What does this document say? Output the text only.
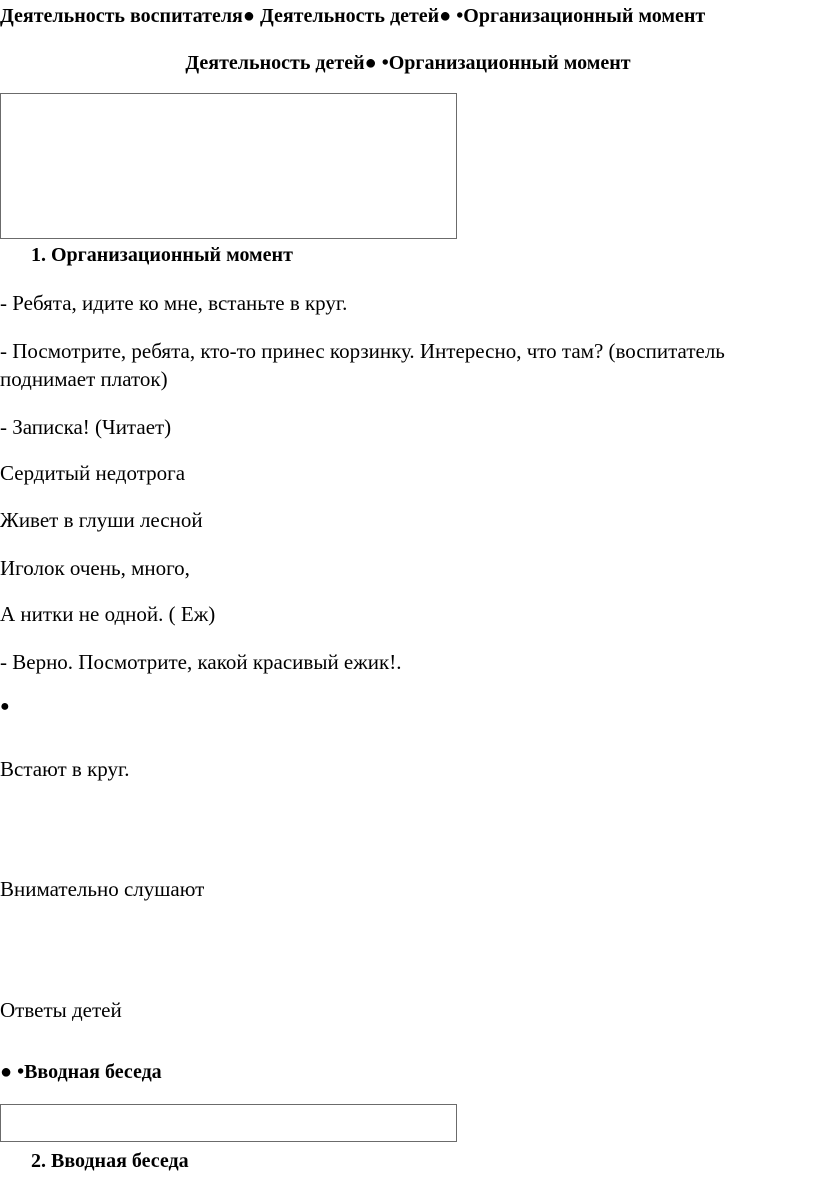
Деятельность воспитателя● Деятельность детей● •Организационный момент
Деятельность детей● •Организационный момент
1. Организационный момент
- Ребята, идите ко мне, встаньте в круг.
- Посмотрите, ребята, кто-то принес корзинку. Интересно, что там? (воспитатель
поднимает платок)
- Записка! (Читает)
Сердитый недотрога
Живет в глуши лесной
Иголок очень, много,
А нитки не одной. ( Еж)
- Верно. Посмотрите, какой красивый ежик!.
●
Встают в круг.
Внимательно слушают
Ответы детей
● •Вводная беседа
2. Вводная беседа
